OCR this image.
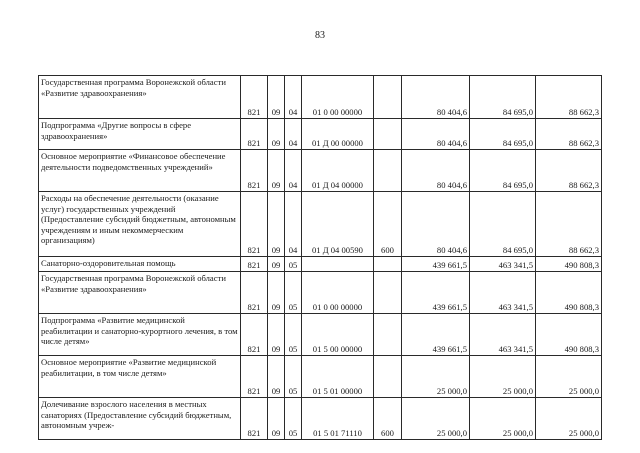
83
Государственная программа Воронежской области «Развитие здравоохранения»	821	09	04	01 0 00 00000		80 404,6	84 695,0	88 662,3
Подпрограмма «Другие вопросы в сфере здравоохранения»	821	09	04	01 Д 00 00000		80 404,6	84 695,0	88 662,3
Основное мероприятие «Финансовое обеспечение деятельности подведомственных учреждений»	821	09	04	01 Д 04 00000		80 404,6	84 695,0	88 662,3
Расходы на обеспечение деятельности (оказание услуг) государственных учреждений (Предоставление субсидий бюджетным, автономным учреждениям и иным некоммерческим организациям)	821	09	04	01 Д 04 00590	600	80 404,6	84 695,0	88 662,3
Санаторно-оздоровительная помощь	821	09	05			439 661,5	463 341,5	490 808,3
Государственная программа Воронежской области «Развитие здравоохранения»	821	09	05	01 0 00 00000		439 661,5	463 341,5	490 808,3
Подпрограмма «Развитие медицинской реабилитации и санаторно-курортного лечения, в том числе детям»	821	09	05	01 5 00 00000		439 661,5	463 341,5	490 808,3
Основное мероприятие «Развитие медицинской реабилитации, в том числе детям»	821	09	05	01 5 01 00000		25 000,0	25 000,0	25 000,0
Долечивание взрослого населения в местных санаториях (Предоставление субсидий бюджетным, автономным учреж-	821	09	05	01 5 01 71110	600	25 000,0	25 000,0	25 000,0
